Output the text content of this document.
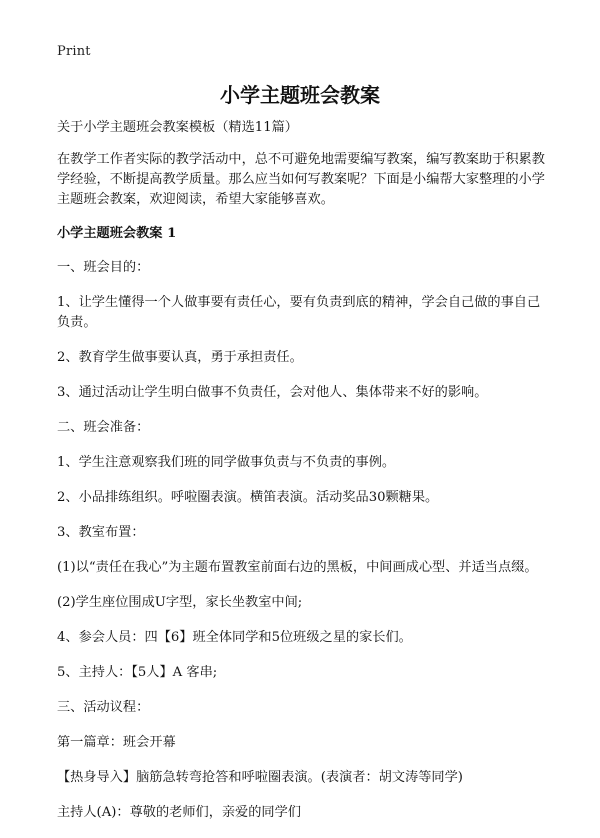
Print
小学主题班会教案

关于小学主题班会教案模板（精选11篇）

在教学工作者实际的教学活动中，总不可避免地需要编写教案，编写教案助于积累教学经验，不断提高教学质量。那么应当如何写教案呢？下面是小编帮大家整理的小学主题班会教案，欢迎阅读，希望大家能够喜欢。

小学主题班会教案 1

一、班会目的：

1、让学生懂得一个人做事要有责任心，要有负责到底的精神，学会自己做的事自己负责。

2、教育学生做事要认真，勇于承担责任。

3、通过活动让学生明白做事不负责任，会对他人、集体带来不好的影响。

二、班会准备：

1、学生注意观察我们班的同学做事负责与不负责的事例。

2、小品排练组织。呼啦圈表演。横笛表演。活动奖品30颗糖果。

3、教室布置：

(1)以“责任在我心”为主题布置教室前面右边的黑板，中间画成心型、并适当点缀。

(2)学生座位围成U字型，家长坐教室中间;

4、参会人员：四【6】班全体同学和5位班级之星的家长们。

5、主持人：【5人】A 客串;

三、活动议程：

第一篇章：班会开幕

【热身导入】脑筋急转弯抢答和呼啦圈表演。(表演者：胡文涛等同学)

主持人(A)：尊敬的老师们，亲爱的同学们
